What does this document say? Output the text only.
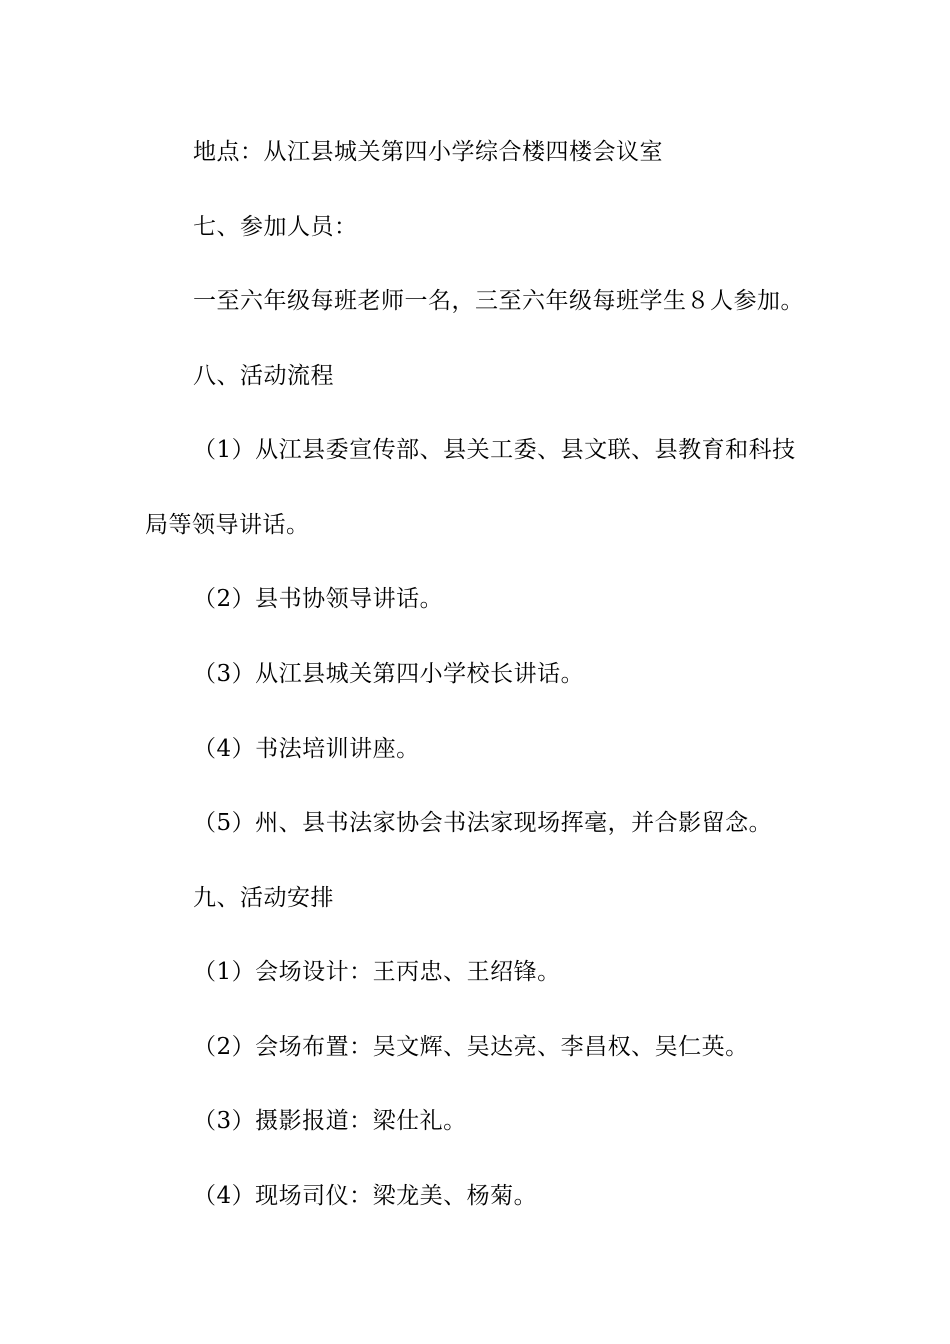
地点：从江县城关第四小学综合楼四楼会议室
七、参加人员：
一至六年级每班老师一名，三至六年级每班学生８人参加。
八、活动流程
（1）从江县委宣传部、县关工委、县文联、县教育和科技
局等领导讲话。
（2）县书协领导讲话。
（3）从江县城关第四小学校长讲话。
（4）书法培训讲座。
（5）州、县书法家协会书法家现场挥毫，并合影留念。
九、活动安排
（1）会场设计：王丙忠、王绍锋。
（2）会场布置：吴文辉、吴达亮、李昌权、吴仁英。
（3）摄影报道：梁仕礼。
（4）现场司仪：梁龙美、杨菊。
